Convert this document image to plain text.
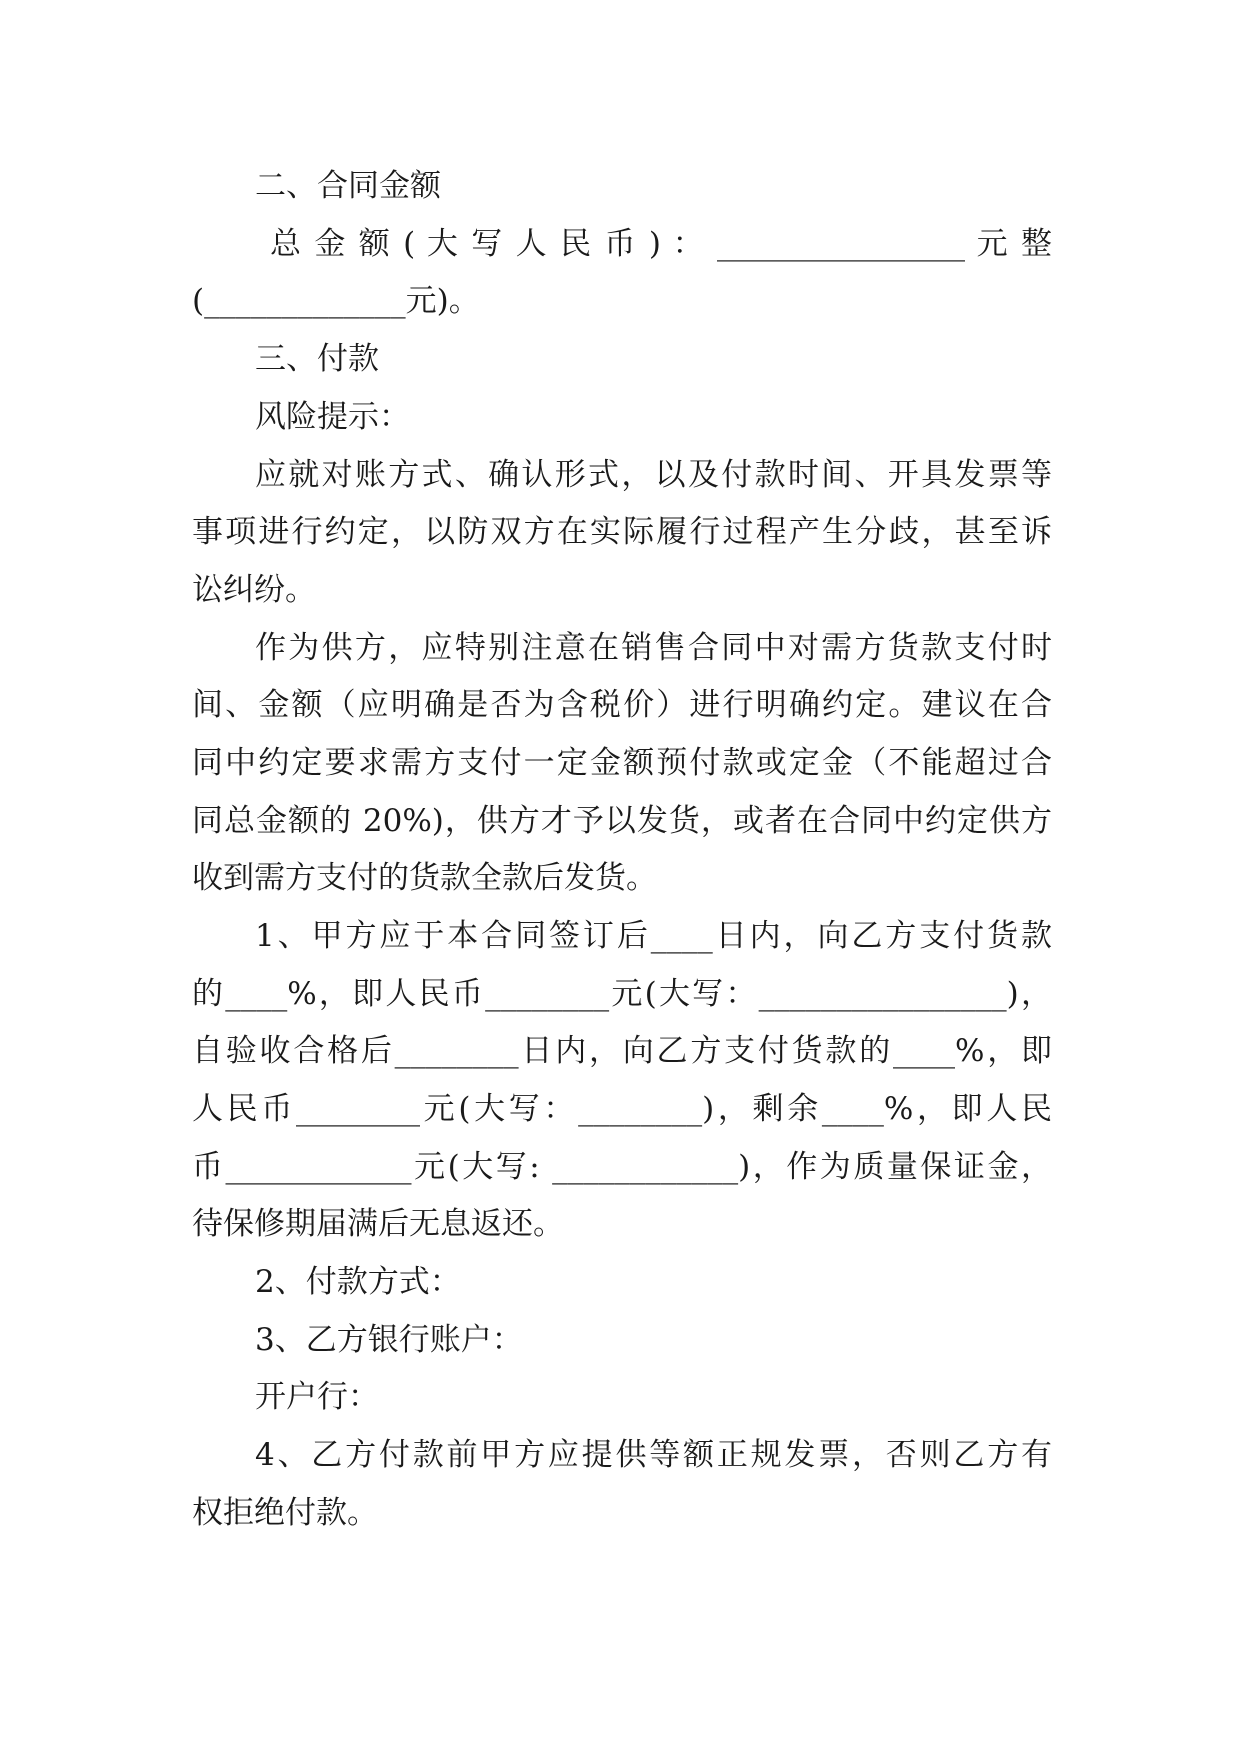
二、合同金额

总 金 额 ( 大 写 人 民 币 ) ： ________________ 元 整

(_____________元)。

三、付款

风险提示：

应就对账方式、确认形式，以及付款时间、开具发票等

事项进行约定，以防双方在实际履行过程产生分歧，甚至诉

讼纠纷。

作为供方，应特别注意在销售合同中对需方货款支付时

间、金额（应明确是否为含税价）进行明确约定。建议在合

同中约定要求需方支付一定金额预付款或定金（不能超过合

同总金额的 20%)，供方才予以发货，或者在合同中约定供方

收到需方支付的货款全款后发货。

1、甲方应于本合同签订后____日内，向乙方支付货款

的____%，即人民币________元(大写：________________)，

自验收合格后________日内，向乙方支付货款的____%，即

人民币________元(大写：________)，剩余____%，即人民

币____________元(大写: ____________)，作为质量保证金，

待保修期届满后无息返还。

2、付款方式：

3、乙方银行账户：

开户行：

4、乙方付款前甲方应提供等额正规发票，否则乙方有

权拒绝付款。
